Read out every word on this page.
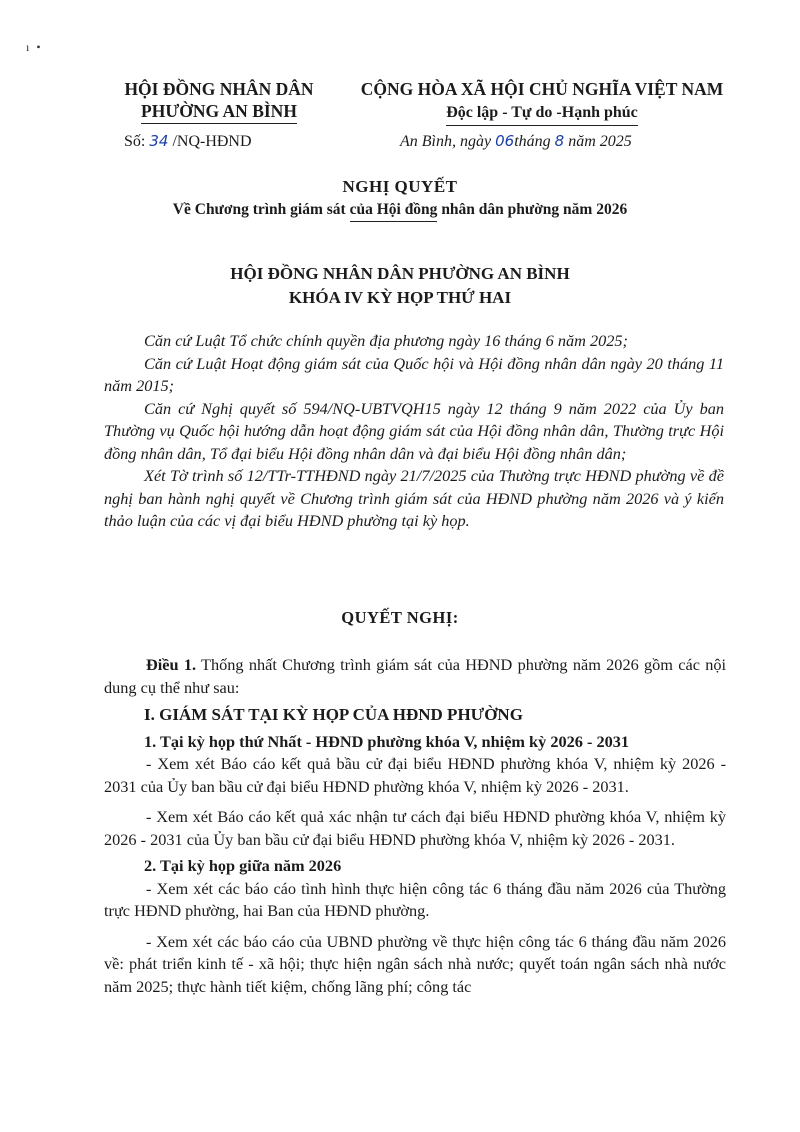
ı •
HỘI ĐỒNG NHÂN DÂN
PHƯỜNG AN BÌNH
CỘNG HÒA XÃ HỘI CHỦ NGHĨA VIỆT NAM
Độc lập - Tự do -Hạnh phúc
Số: 34 /NQ-HĐND	An Bình, ngày 06tháng 8 năm 2025
NGHỊ QUYẾT
Về Chương trình giám sát của Hội đồng nhân dân phường năm 2026
HỘI ĐỒNG NHÂN DÂN PHƯỜNG AN BÌNH
KHÓA IV KỲ HỌP THỨ HAI

Căn cứ Luật Tổ chức chính quyền địa phương ngày 16 tháng 6 năm 2025;

Căn cứ Luật Hoạt động giám sát của Quốc hội và Hội đồng nhân dân ngày 20 tháng 11 năm 2015;

Căn cứ Nghị quyết số 594/NQ-UBTVQH15 ngày 12 tháng 9 năm 2022 của Ủy ban Thường vụ Quốc hội hướng dẫn hoạt động giám sát của Hội đồng nhân dân, Thường trực Hội đồng nhân dân, Tổ đại biểu Hội đồng nhân dân và đại biểu Hội đồng nhân dân;

Xét Tờ trình số 12/TTr-TTHĐND ngày 21/7/2025 của Thường trực HĐND phường về đề nghị ban hành nghị quyết về Chương trình giám sát của HĐND phường năm 2026 và ý kiến thảo luận của các vị đại biểu HĐND phường tại kỳ họp.

QUYẾT NGHỊ:

Điều 1. Thống nhất Chương trình giám sát của HĐND phường năm 2026 gồm các nội dung cụ thể như sau:

I. GIÁM SÁT TẠI KỲ HỌP CỦA HĐND PHƯỜNG

1. Tại kỳ họp thứ Nhất - HĐND phường khóa V, nhiệm kỳ 2026 - 2031

- Xem xét Báo cáo kết quả bầu cử đại biểu HĐND phường khóa V, nhiệm kỳ 2026 - 2031 của Ủy ban bầu cử đại biểu HĐND phường khóa V, nhiệm kỳ 2026 - 2031.

- Xem xét Báo cáo kết quả xác nhận tư cách đại biểu HĐND phường khóa V, nhiệm kỳ 2026 - 2031 của Ủy ban bầu cử đại biểu HĐND phường khóa V, nhiệm kỳ 2026 - 2031.

2. Tại kỳ họp giữa năm 2026

- Xem xét các báo cáo tình hình thực hiện công tác 6 tháng đầu năm 2026 của Thường trực HĐND phường, hai Ban của HĐND phường.

- Xem xét các báo cáo của UBND phường về thực hiện công tác 6 tháng đầu năm 2026 về: phát triển kinh tế - xã hội; thực hiện ngân sách nhà nước; quyết toán ngân sách nhà nước năm 2025; thực hành tiết kiệm, chống lãng phí; công tác
